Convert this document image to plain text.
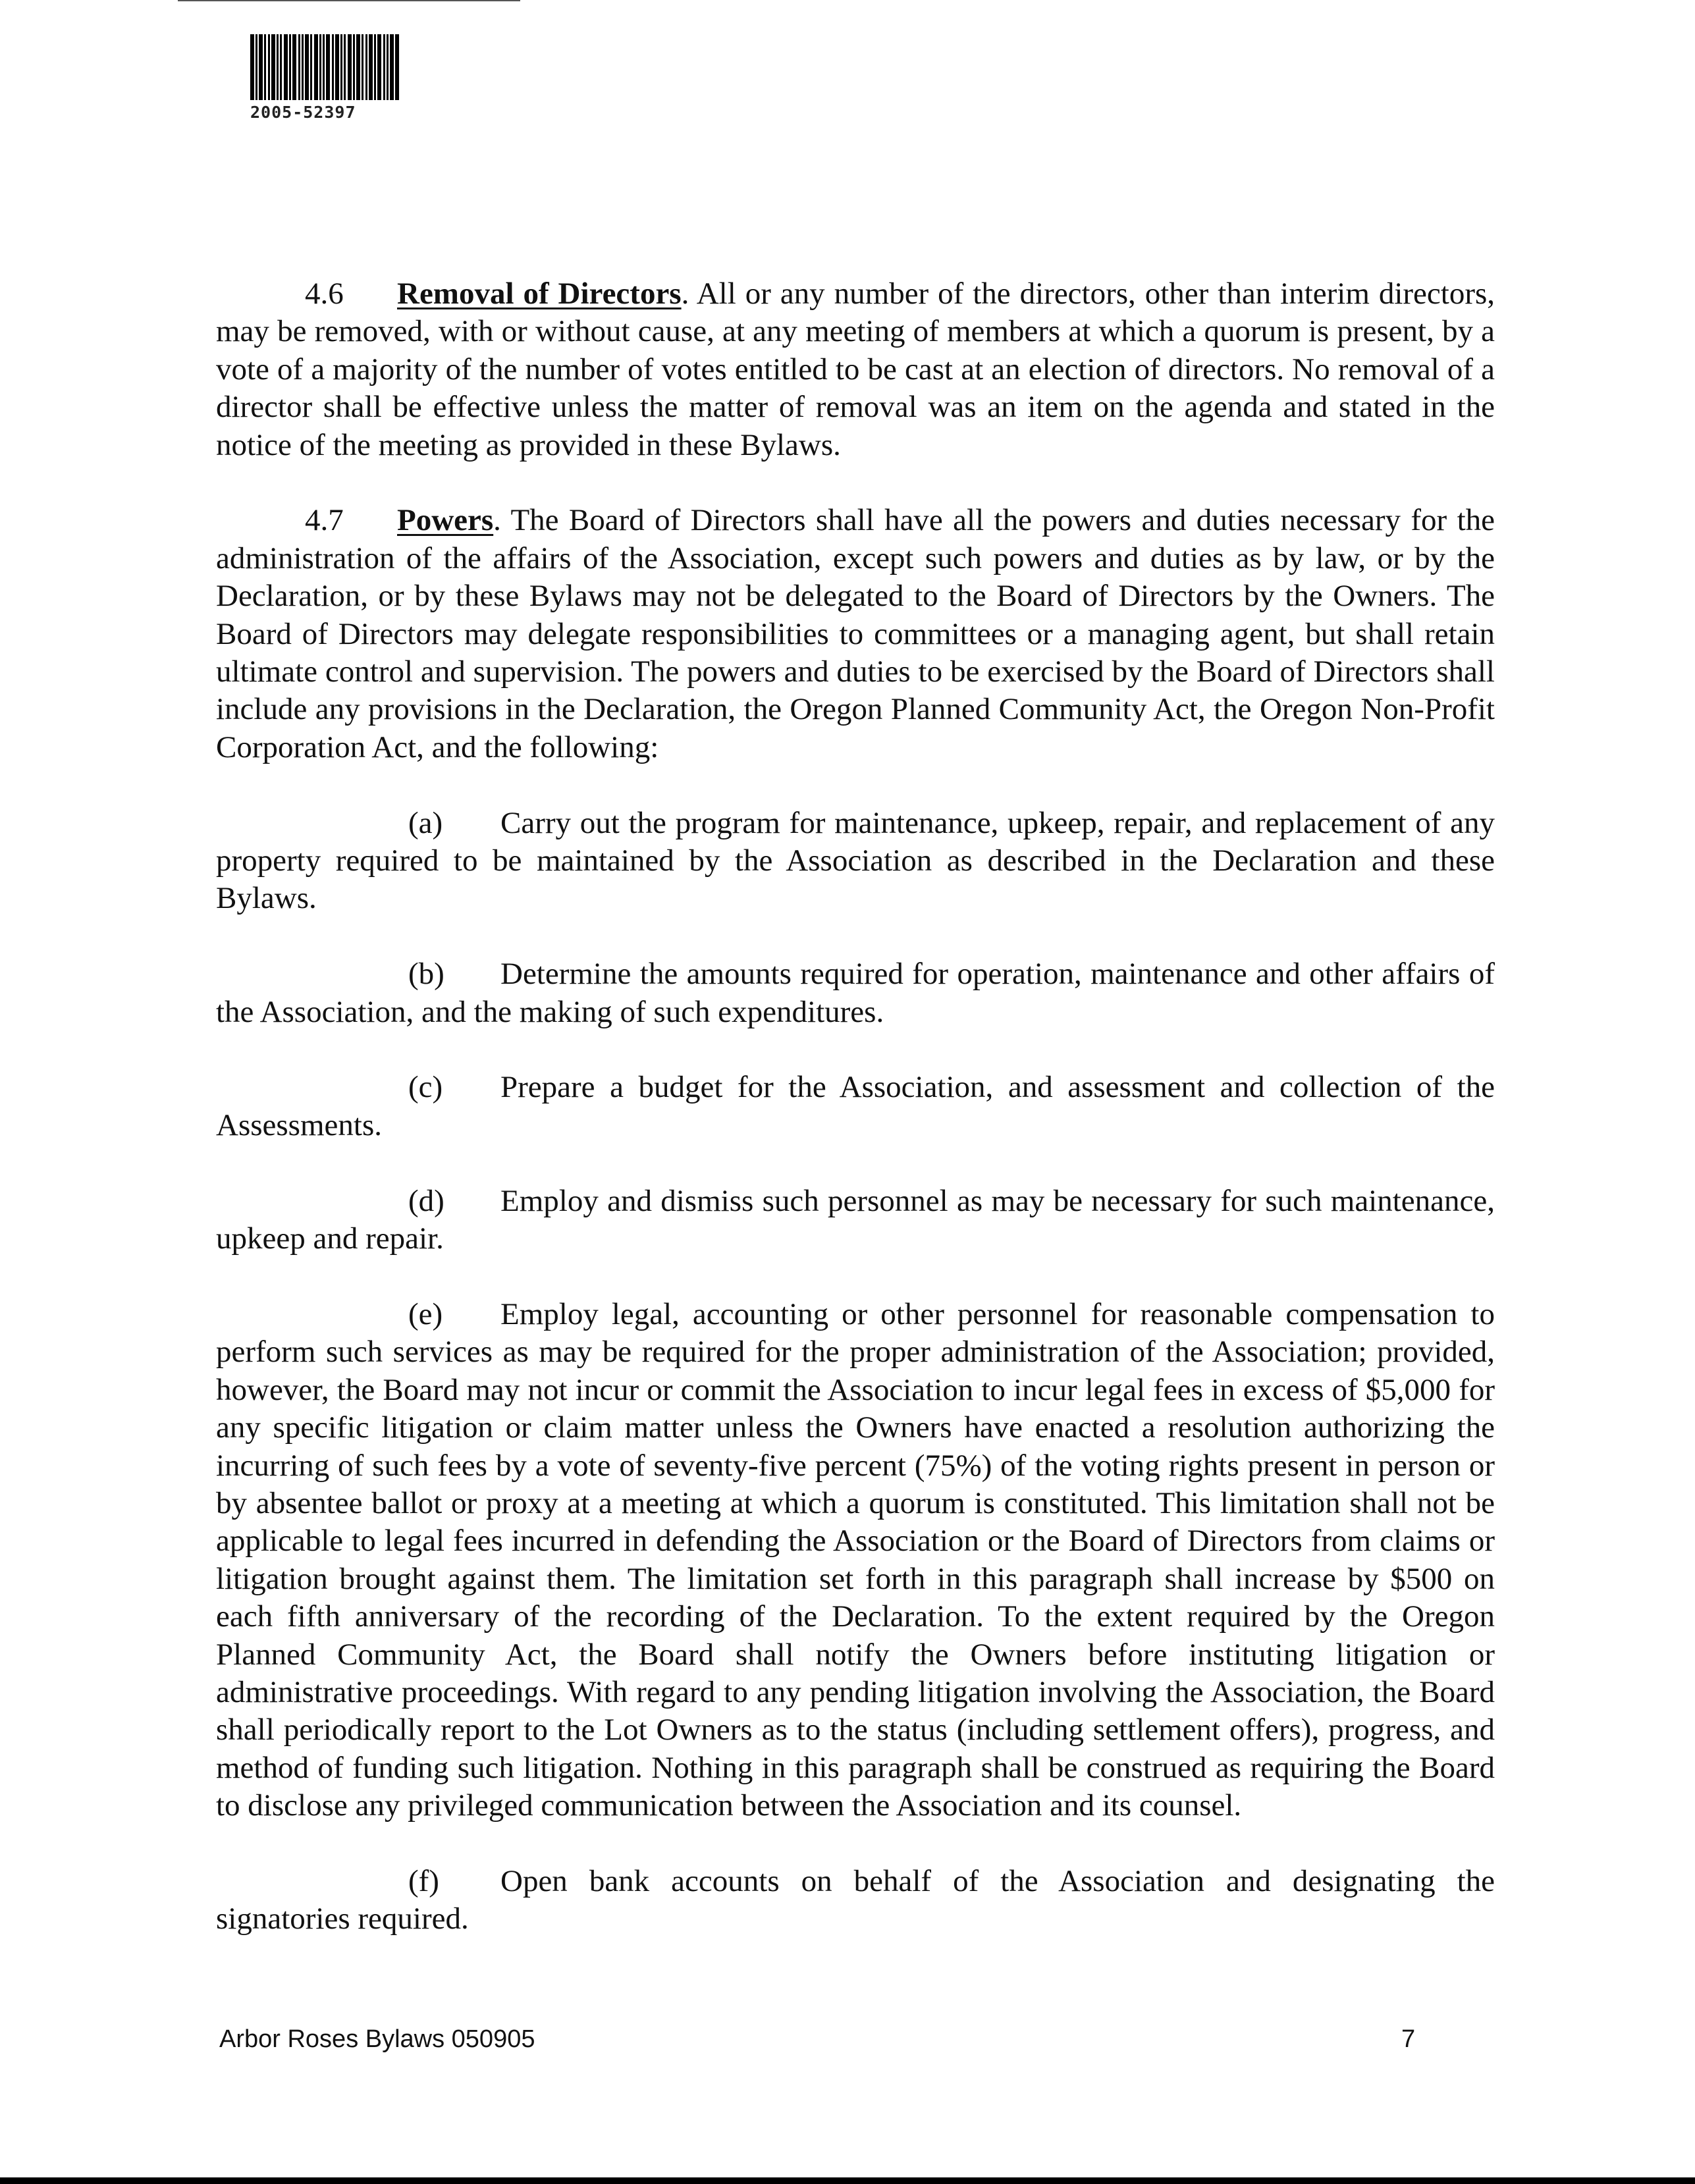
2005-52397

4.6 Removal of Directors. All or any number of the directors, other than interim directors, may be removed, with or without cause, at any meeting of members at which a quorum is present, by a vote of a majority of the number of votes entitled to be cast at an election of directors. No removal of a director shall be effective unless the matter of removal was an item on the agenda and stated in the notice of the meeting as provided in these Bylaws.

4.7 Powers. The Board of Directors shall have all the powers and duties necessary for the administration of the affairs of the Association, except such powers and duties as by law, or by the Declaration, or by these Bylaws may not be delegated to the Board of Directors by the Owners. The Board of Directors may delegate responsibilities to committees or a managing agent, but shall retain ultimate control and supervision. The powers and duties to be exercised by the Board of Directors shall include any provisions in the Declaration, the Oregon Planned Community Act, the Oregon Non-Profit Corporation Act, and the following:

(a) Carry out the program for maintenance, upkeep, repair, and replacement of any property required to be maintained by the Association as described in the Declaration and these Bylaws.

(b) Determine the amounts required for operation, maintenance and other affairs of the Association, and the making of such expenditures.

(c) Prepare a budget for the Association, and assessment and collection of the Assessments.

(d) Employ and dismiss such personnel as may be necessary for such maintenance, upkeep and repair.

(e) Employ legal, accounting or other personnel for reasonable compensation to perform such services as may be required for the proper administration of the Association; provided, however, the Board may not incur or commit the Association to incur legal fees in excess of $5,000 for any specific litigation or claim matter unless the Owners have enacted a resolution authorizing the incurring of such fees by a vote of seventy-five percent (75%) of the voting rights present in person or by absentee ballot or proxy at a meeting at which a quorum is constituted. This limitation shall not be applicable to legal fees incurred in defending the Association or the Board of Directors from claims or litigation brought against them. The limitation set forth in this paragraph shall increase by $500 on each fifth anniversary of the recording of the Declaration. To the extent required by the Oregon Planned Community Act, the Board shall notify the Owners before instituting litigation or administrative proceedings. With regard to any pending litigation involving the Association, the Board shall periodically report to the Lot Owners as to the status (including settlement offers), progress, and method of funding such litigation. Nothing in this paragraph shall be construed as requiring the Board to disclose any privileged communication between the Association and its counsel.

(f) Open bank accounts on behalf of the Association and designating the signatories required.

Arbor Roses Bylaws 050905	7
